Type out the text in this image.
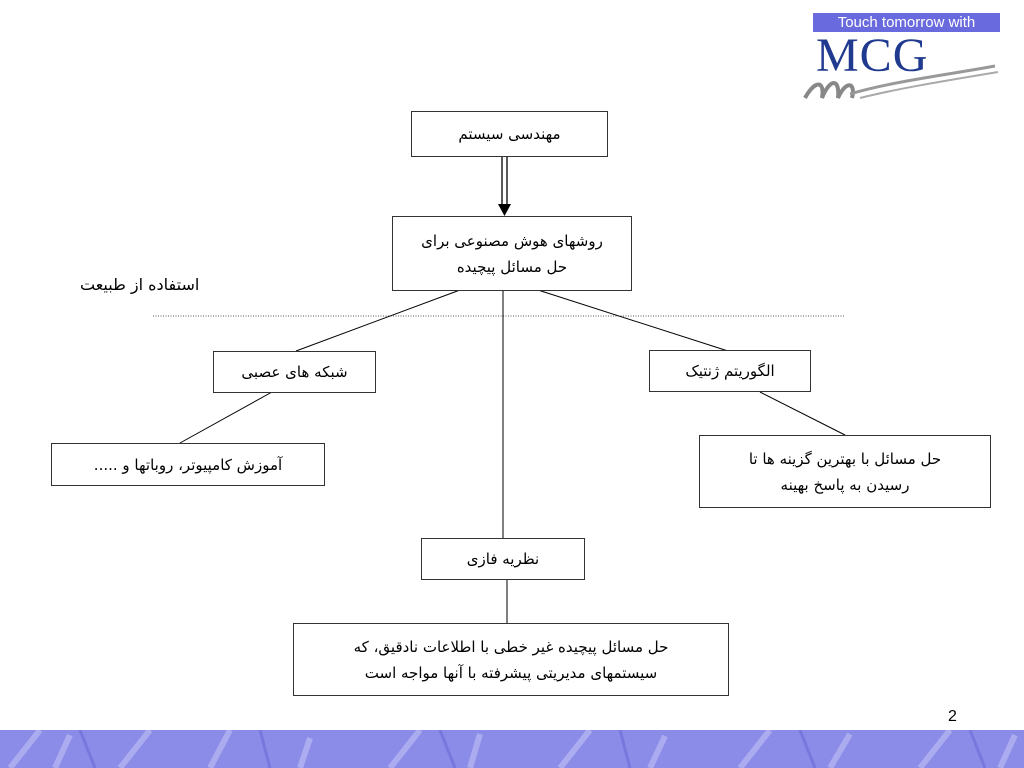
Touch tomorrow with
MCG
مهندسی سیستم
روشهای هوش مصنوعی برای
حل مسائل پیچیده
استفاده از طبیعت
شبکه های عصبی	الگوریتم ژنتیک
آموزش کامپیوتر، روباتها و .....	حل مسائل با بهترین گزینه ها تا
رسیدن به پاسخ بهینه
نظریه فازی
حل مسائل پیچیده غیر خطی با اطلاعات نادقیق، که
سیستمهای مدیریتی پیشرفته با آنها مواجه است
2
